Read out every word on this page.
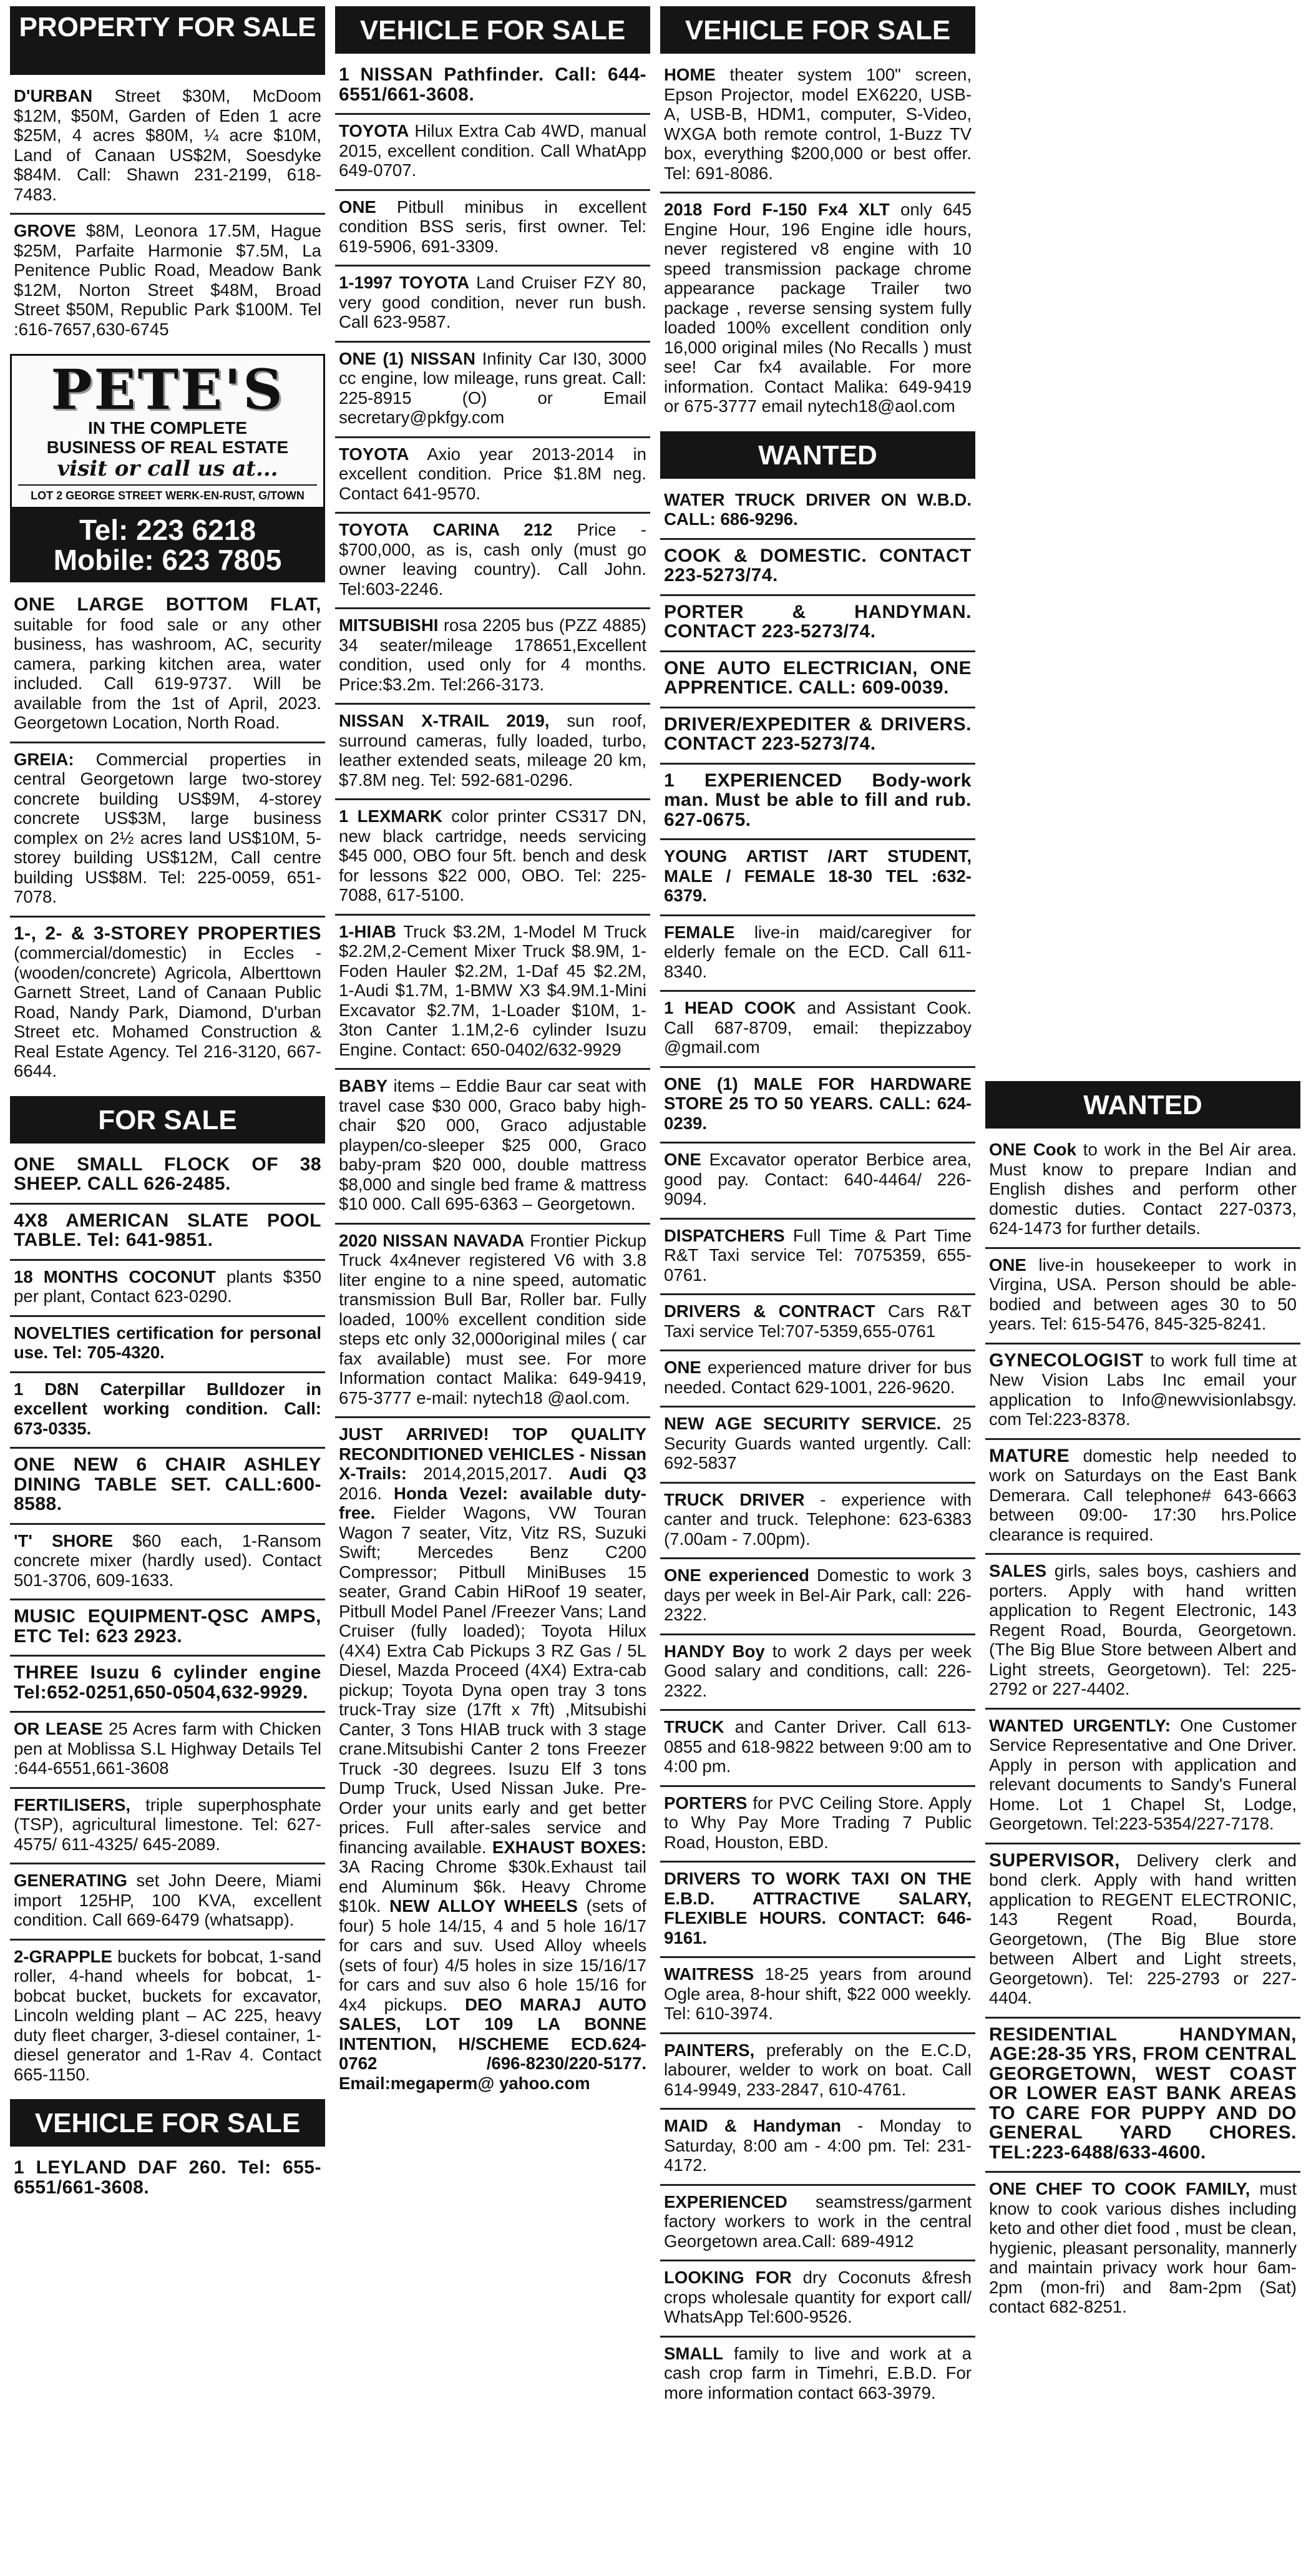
PROPERTY FOR SALE
D'URBAN Street $30M, McDoom $12M, $50M, Garden of Eden 1 acre $25M, 4 acres $80M, ¼ acre $10M, Land of Canaan US$2M, Soesdyke $84M. Call: Shawn 231-2199, 618-7483.
GROVE $8M, Leonora 17.5M, Hague $25M, Parfaite Harmonie $7.5M, La Penitence Public Road, Meadow Bank $12M, Norton Street $48M, Broad Street $50M, Republic Park $100M. Tel :616-7657,630-6745
PETE'S
IN THE COMPLETE
BUSINESS OF REAL ESTATE
visit or call us at...
LOT 2 GEORGE STREET WERK-EN-RUST, G/TOWN
Tel: 223 6218
Mobile: 623 7805
ONE LARGE BOTTOM FLAT, suitable for food sale or any other business, has washroom, AC, security camera, parking kitchen area, water included. Call 619-9737. Will be available from the 1st of April, 2023. Georgetown Location, North Road.
GREIA: Commercial properties in central Georgetown large two-storey concrete building US$9M, 4-storey concrete US$3M, large business complex on 2½ acres land US$10M, 5-storey building US$12M, Call centre building US$8M. Tel: 225-0059, 651-7078.
1-, 2- & 3-STOREY PROPERTIES (commercial/domestic) in Eccles - (wooden/concrete) Agricola, Alberttown Garnett Street, Land of Canaan Public Road, Nandy Park, Diamond, D'urban Street etc. Mohamed Construction & Real Estate Agency. Tel 216-3120, 667-6644.
FOR SALE
ONE SMALL FLOCK OF 38 SHEEP. CALL 626-2485.
4X8 AMERICAN SLATE POOL TABLE. Tel: 641-9851.
18 MONTHS COCONUT plants $350 per plant, Contact 623-0290.
NOVELTIES certification for personal use. Tel: 705-4320.
1 D8N Caterpillar Bulldozer in excellent working condition. Call: 673-0335.
ONE NEW 6 CHAIR ASHLEY DINING TABLE SET. CALL:600-8588.
'T' SHORE $60 each, 1-Ransom concrete mixer (hardly used). Contact 501-3706, 609-1633.
MUSIC EQUIPMENT-QSC AMPS, ETC Tel: 623 2923.
THREE Isuzu 6 cylinder engine Tel:652-0251,650-0504,632-9929.
OR LEASE 25 Acres farm with Chicken pen at Moblissa S.L Highway Details Tel :644-6551,661-3608
FERTILISERS, triple superphosphate (TSP), agricultural limestone. Tel: 627-4575/ 611-4325/ 645-2089.
GENERATING set John Deere, Miami import 125HP, 100 KVA, excellent condition. Call 669-6479 (whatsapp).
2-GRAPPLE buckets for bobcat, 1-sand roller, 4-hand wheels for bobcat, 1-bobcat bucket, buckets for excavator, Lincoln welding plant – AC 225, heavy duty fleet charger, 3-diesel container, 1-diesel generator and 1-Rav 4. Contact 665-1150.
VEHICLE FOR SALE
1 LEYLAND DAF 260. Tel: 655-6551/661-3608.
VEHICLE FOR SALE
1 NISSAN Pathfinder. Call: 644-6551/661-3608.
TOYOTA Hilux Extra Cab 4WD, manual 2015, excellent condition. Call WhatApp 649-0707.
ONE Pitbull minibus in excellent condition BSS seris, first owner. Tel: 619-5906, 691-3309.
1-1997 TOYOTA Land Cruiser FZY 80, very good condition, never run bush. Call 623-9587.
ONE (1) NISSAN Infinity Car I30, 3000 cc engine, low mileage, runs great. Call: 225-8915 (O) or Email secretary@pkfgy.com
TOYOTA Axio year 2013-2014 in excellent condition. Price $1.8M neg. Contact 641-9570.
TOYOTA CARINA 212 Price - $700,000, as is, cash only (must go owner leaving country). Call John. Tel:603-2246.
MITSUBISHI rosa 2205 bus (PZZ 4885) 34 seater/mileage 178651,Excellent condition, used only for 4 months. Price:$3.2m. Tel:266-3173.
NISSAN X-TRAIL 2019, sun roof, surround cameras, fully loaded, turbo, leather extended seats, mileage 20 km, $7.8M neg. Tel: 592-681-0296.
1 LEXMARK color printer CS317 DN, new black cartridge, needs servicing $45 000, OBO four 5ft. bench and desk for lessons $22 000, OBO. Tel: 225-7088, 617-5100.
1-HIAB Truck $3.2M, 1-Model M Truck $2.2M,2-Cement Mixer Truck $8.9M, 1-Foden Hauler $2.2M, 1-Daf 45 $2.2M, 1-Audi $1.7M, 1-BMW X3 $4.9M.1-Mini Excavator $2.7M, 1-Loader $10M, 1-3ton Canter 1.1M,2-6 cylinder Isuzu Engine. Contact: 650-0402/632-9929
BABY items – Eddie Baur car seat with travel case $30 000, Graco baby high-chair $20 000, Graco adjustable playpen/co-sleeper $25 000, Graco baby-pram $20 000, double mattress $8,000 and single bed frame & mattress $10 000. Call 695-6363 – Georgetown.
2020 NISSAN NAVADA Frontier Pickup Truck 4x4never registered V6 with 3.8 liter engine to a nine speed, automatic transmission Bull Bar, Roller bar. Fully loaded, 100% excellent condition side steps etc only 32,000original miles ( car fax available) must see. For more Information contact Malika: 649-9419, 675-3777 e-mail: nytech18 @aol.com.
JUST ARRIVED! TOP QUALITY RECONDITIONED VEHICLES - Nissan X-Trails: 2014,2015,2017. Audi Q3 2016. Honda Vezel: available duty-free. Fielder Wagons, VW Touran Wagon 7 seater, Vitz, Vitz RS, Suzuki Swift; Mercedes Benz C200 Compressor; Pitbull MiniBuses 15 seater, Grand Cabin HiRoof 19 seater, Pitbull Model Panel /Freezer Vans; Land Cruiser (fully loaded); Toyota Hilux (4X4) Extra Cab Pickups 3 RZ Gas / 5L Diesel, Mazda Proceed (4X4) Extra-cab pickup; Toyota Dyna open tray 3 tons truck-Tray size (17ft x 7ft) ,Mitsubishi Canter, 3 Tons HIAB truck with 3 stage crane.Mitsubishi Canter 2 tons Freezer Truck -30 degrees. Isuzu Elf 3 tons Dump Truck, Used Nissan Juke. Pre-Order your units early and get better prices. Full after-sales service and financing available. EXHAUST BOXES: 3A Racing Chrome $30k.Exhaust tail end Aluminum $6k. Heavy Chrome $10k. NEW ALLOY WHEELS (sets of four) 5 hole 14/15, 4 and 5 hole 16/17 for cars and suv. Used Alloy wheels (sets of four) 4/5 holes in size 15/16/17 for cars and suv also 6 hole 15/16 for 4x4 pickups. DEO MARAJ AUTO SALES, LOT 109 LA BONNE INTENTION, H/SCHEME ECD.624-0762 /696-8230/220-5177. Email:megaperm@ yahoo.com
VEHICLE FOR SALE
HOME theater system 100" screen, Epson Projector, model EX6220, USB-A, USB-B, HDM1, computer, S-Video, WXGA both remote control, 1-Buzz TV box, everything $200,000 or best offer. Tel: 691-8086.
2018 Ford F-150 Fx4 XLT only 645 Engine Hour, 196 Engine idle hours, never registered v8 engine with 10 speed transmission package chrome appearance package Trailer two package , reverse sensing system fully loaded 100% excellent condition only 16,000 original miles (No Recalls ) must see! Car fx4 available. For more information. Contact Malika: 649-9419 or 675-3777 email nytech18@aol.com
WANTED
WATER TRUCK DRIVER ON W.B.D. CALL: 686-9296.
COOK & DOMESTIC. CONTACT 223-5273/74.
PORTER & HANDYMAN. CONTACT 223-5273/74.
ONE AUTO ELECTRICIAN, ONE APPRENTICE. CALL: 609-0039.
DRIVER/EXPEDITER & DRIVERS. CONTACT 223-5273/74.
1 EXPERIENCED Body-work man. Must be able to fill and rub. 627-0675.
YOUNG ARTIST /ART STUDENT, MALE / FEMALE 18-30 TEL :632-6379.
FEMALE live-in maid/caregiver for elderly female on the ECD. Call 611-8340.
1 HEAD COOK and Assistant Cook. Call 687-8709, email: thepizzaboy @gmail.com
ONE (1) MALE FOR HARDWARE STORE 25 TO 50 YEARS. CALL: 624-0239.
ONE Excavator operator Berbice area, good pay. Contact: 640-4464/ 226-9094.
DISPATCHERS Full Time & Part Time R&T Taxi service Tel: 7075359, 655-0761.
DRIVERS & CONTRACT Cars R&T Taxi service Tel:707-5359,655-0761
ONE experienced mature driver for bus needed. Contact 629-1001, 226-9620.
NEW AGE SECURITY SERVICE. 25 Security Guards wanted urgently. Call: 692-5837
TRUCK DRIVER - experience with canter and truck. Telephone: 623-6383 (7.00am - 7.00pm).
ONE experienced Domestic to work 3 days per week in Bel-Air Park, call: 226-2322.
HANDY Boy to work 2 days per week Good salary and conditions, call: 226-2322.
TRUCK and Canter Driver. Call 613-0855 and 618-9822 between 9:00 am to 4:00 pm.
PORTERS for PVC Ceiling Store. Apply to Why Pay More Trading 7 Public Road, Houston, EBD.
DRIVERS TO WORK TAXI ON THE E.B.D. ATTRACTIVE SALARY, FLEXIBLE HOURS. CONTACT: 646-9161.
WAITRESS 18-25 years from around Ogle area, 8-hour shift, $22 000 weekly. Tel: 610-3974.
PAINTERS, preferably on the E.C.D, labourer, welder to work on boat. Call 614-9949, 233-2847, 610-4761.
MAID & Handyman - Monday to Saturday, 8:00 am - 4:00 pm. Tel: 231-4172.
EXPERIENCED seamstress/garment factory workers to work in the central Georgetown area.Call: 689-4912
LOOKING FOR dry Coconuts &fresh crops wholesale quantity for export call/ WhatsApp Tel:600-9526.
SMALL family to live and work at a cash crop farm in Timehri, E.B.D. For more information contact 663-3979.
WANTED
ONE Cook to work in the Bel Air area. Must know to prepare Indian and English dishes and perform other domestic duties. Contact 227-0373, 624-1473 for further details.
ONE live-in housekeeper to work in Virgina, USA. Person should be able-bodied and between ages 30 to 50 years. Tel: 615-5476, 845-325-8241.
GYNECOLOGIST to work full time at New Vision Labs Inc email your application to Info@newvisionlabsgy. com Tel:223-8378.
MATURE domestic help needed to work on Saturdays on the East Bank Demerara. Call telephone# 643-6663 between 09:00- 17:30 hrs.Police clearance is required.
SALES girls, sales boys, cashiers and porters. Apply with hand written application to Regent Electronic, 143 Regent Road, Bourda, Georgetown. (The Big Blue Store between Albert and Light streets, Georgetown). Tel: 225-2792 or 227-4402.
WANTED URGENTLY: One Customer Service Representative and One Driver. Apply in person with application and relevant documents to Sandy's Funeral Home. Lot 1 Chapel St, Lodge, Georgetown. Tel:223-5354/227-7178.
SUPERVISOR, Delivery clerk and bond clerk. Apply with hand written application to REGENT ELECTRONIC, 143 Regent Road, Bourda, Georgetown, (The Big Blue store between Albert and Light streets, Georgetown). Tel: 225-2793 or 227-4404.
RESIDENTIAL HANDYMAN, AGE:28-35 YRS, FROM CENTRAL GEORGETOWN, WEST COAST OR LOWER EAST BANK AREAS TO CARE FOR PUPPY AND DO GENERAL YARD CHORES. TEL:223-6488/633-4600.
ONE CHEF TO COOK FAMILY, must know to cook various dishes including keto and other diet food , must be clean, hygienic, pleasant personality, mannerly and maintain privacy work hour 6am-2pm (mon-fri) and 8am-2pm (Sat) contact 682-8251.
